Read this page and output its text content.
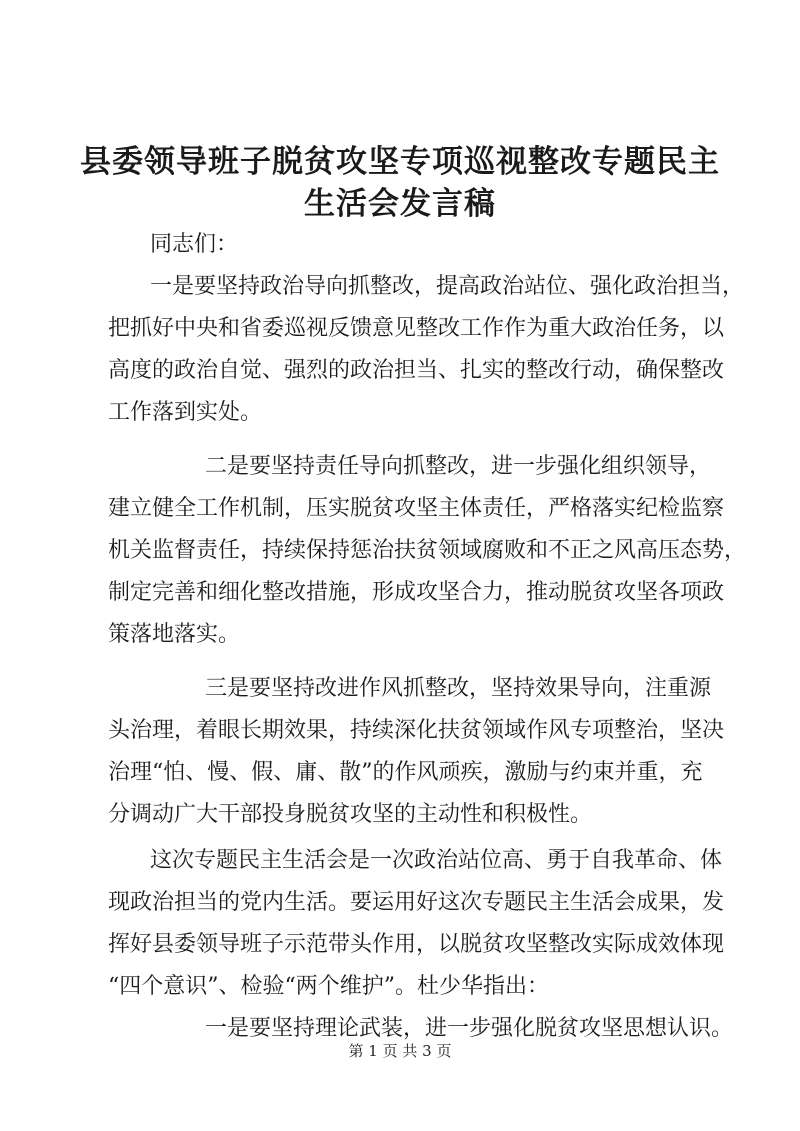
县委领导班子脱贫攻坚专项巡视整改专题民主
生活会发言稿
同志们：
一是要坚持政治导向抓整改，提高政治站位、强化政治担当，
把抓好中央和省委巡视反馈意见整改工作作为重大政治任务，以
高度的政治自觉、强烈的政治担当、扎实的整改行动，确保整改
工作落到实处。
二是要坚持责任导向抓整改，进一步强化组织领导，
建立健全工作机制，压实脱贫攻坚主体责任，严格落实纪检监察
机关监督责任，持续保持惩治扶贫领域腐败和不正之风高压态势，
制定完善和细化整改措施，形成攻坚合力，推动脱贫攻坚各项政
策落地落实。
三是要坚持改进作风抓整改，坚持效果导向，注重源
头治理，着眼长期效果，持续深化扶贫领域作风专项整治，坚决
治理“怕、慢、假、庸、散”的作风顽疾，激励与约束并重，充
分调动广大干部投身脱贫攻坚的主动性和积极性。
这次专题民主生活会是一次政治站位高、勇于自我革命、体
现政治担当的党内生活。要运用好这次专题民主生活会成果，发
挥好县委领导班子示范带头作用，以脱贫攻坚整改实际成效体现
“四个意识”、检验“两个维护”。杜少华指出：
一是要坚持理论武装，进一步强化脱贫攻坚思想认识。
第 1 页 共 3 页
